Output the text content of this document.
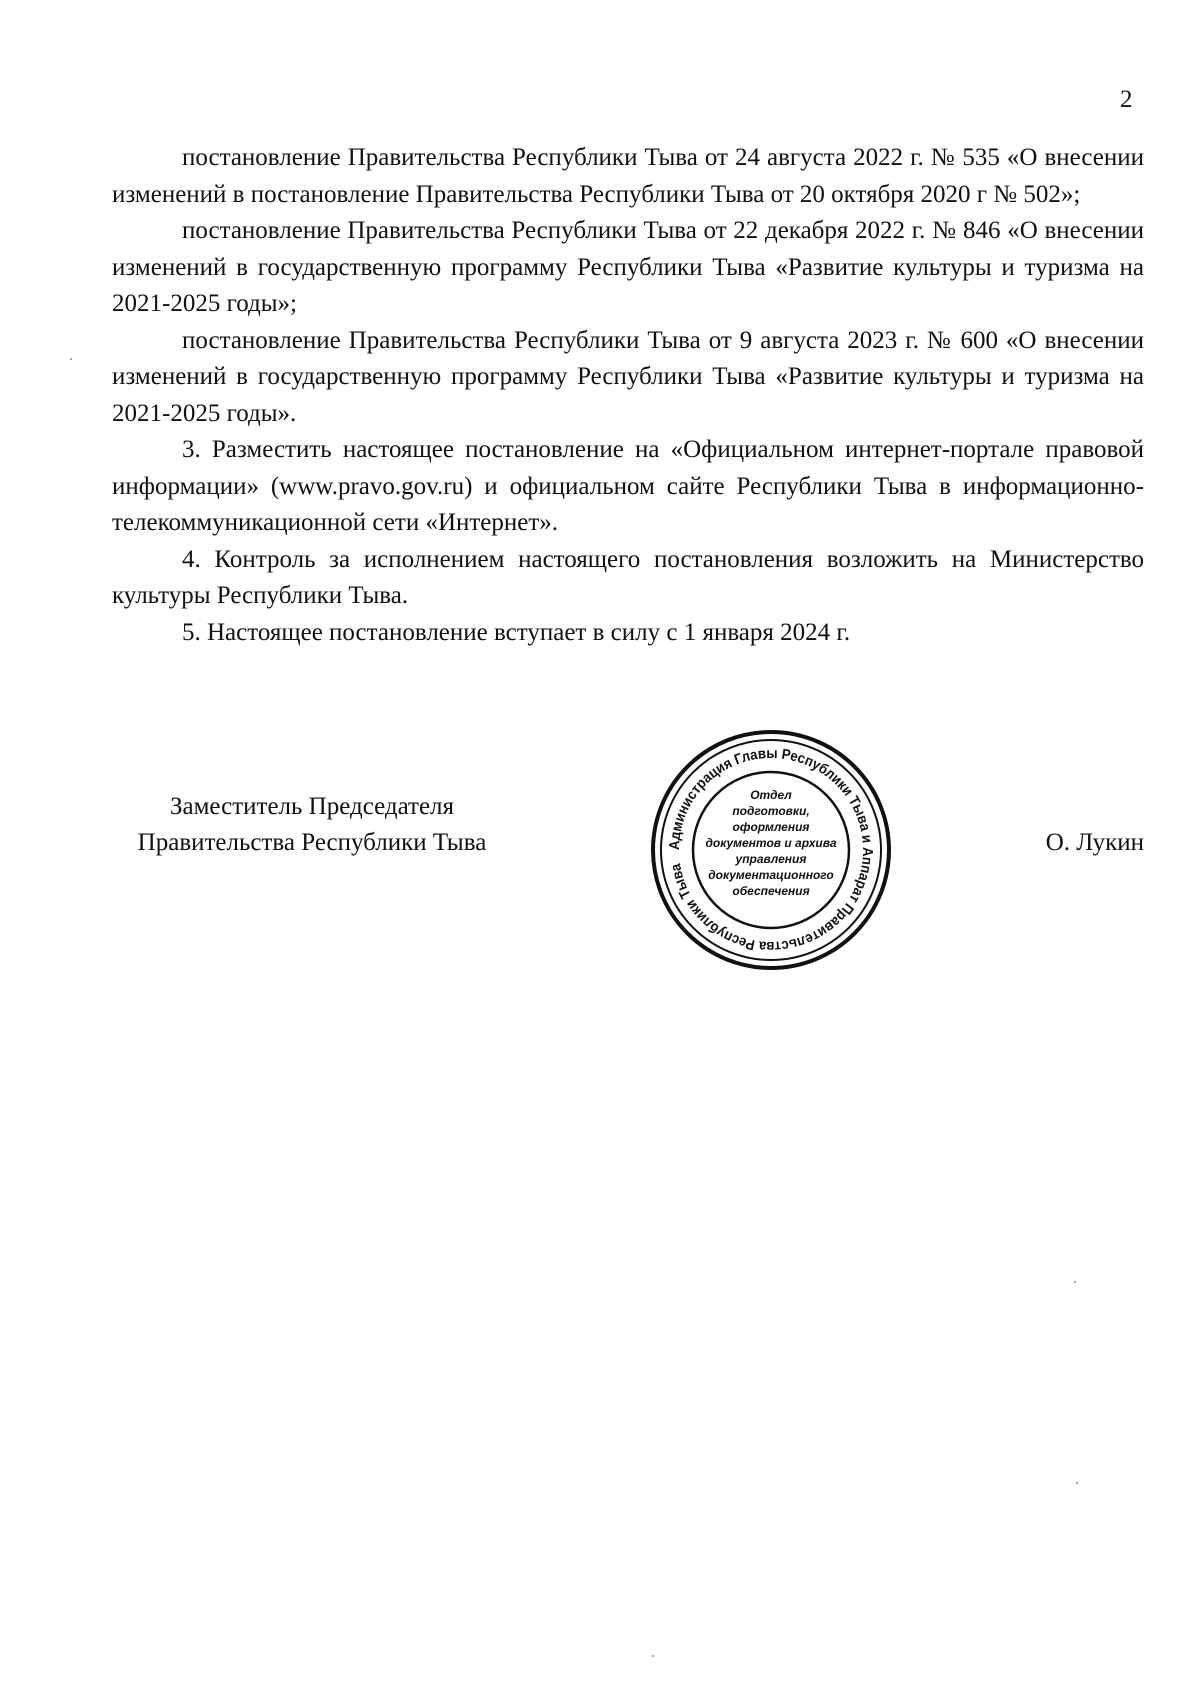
2

постановление Правительства Республики Тыва от 24 августа 2022 г. № 535 «О внесении изменений в постановление Правительства Республики Тыва от 20 октября 2020 г № 502»;

постановление Правительства Республики Тыва от 22 декабря 2022 г. № 846 «О внесении изменений в государственную программу Республики Тыва «Развитие культуры и туризма на 2021-2025 годы»;

постановление Правительства Республики Тыва от 9 августа 2023 г. № 600 «О внесении изменений в государственную программу Республики Тыва «Развитие культуры и туризма на 2021-2025 годы».

3. Разместить настоящее постановление на «Официальном интернет-портале правовой информации» (www.pravo.gov.ru) и официальном сайте Республики Тыва в информационно-телекоммуникационной сети «Интернет».

4. Контроль за исполнением настоящего постановления возложить на Министерство культуры Республики Тыва.

5. Настоящее постановление вступает в силу с 1 января 2024 г.

Заместитель Председателя
Правительства Республики Тыва	О. Лукин
Администрация Главы Республики Тыва и Аппарат Правительства Республики Тыва
Отдел
подготовки,
оформления
документов и архива
управления
документационного
обеспечения
